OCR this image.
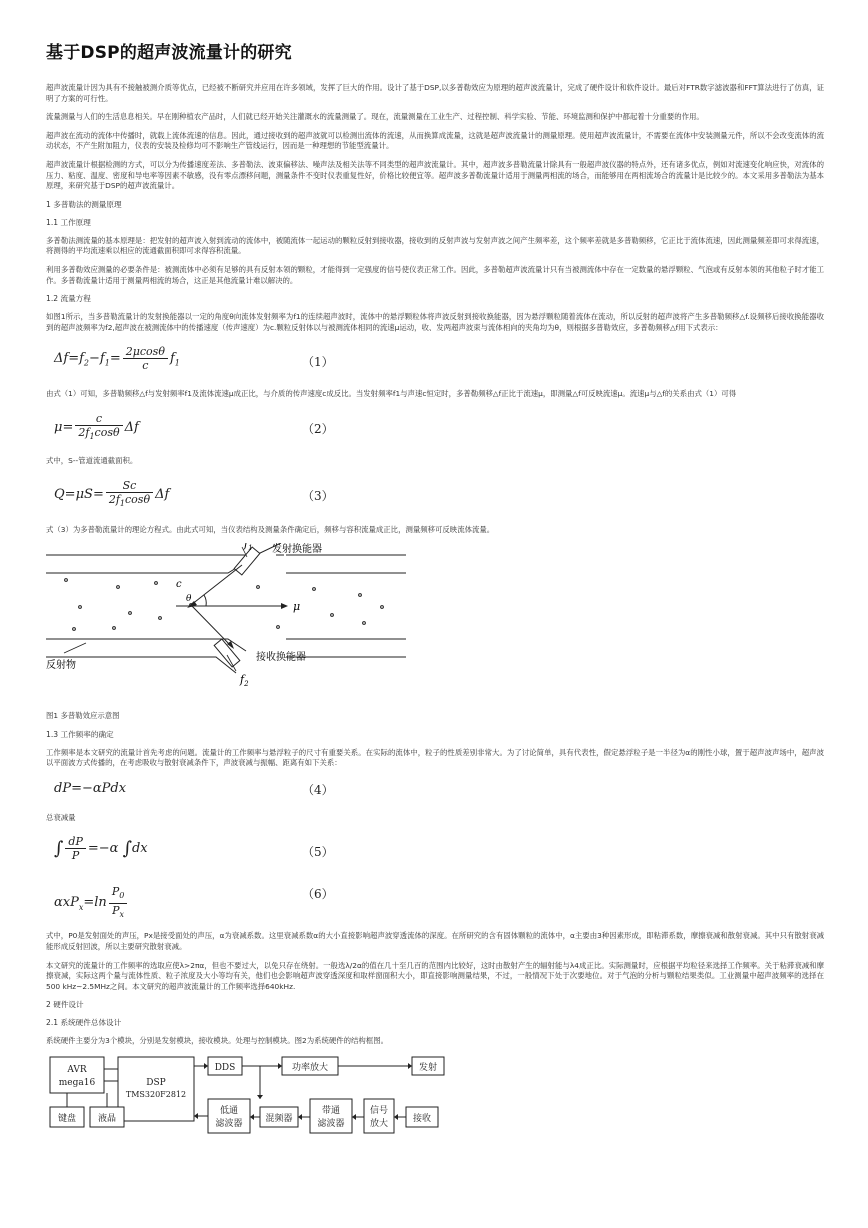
基于DSP的超声波流量计的研究

超声波流量计因为具有不接触被测介质等优点，已经被不断研究并应用在许多领域，发挥了巨大的作用。设计了基于DSP,以多普勒效应为原理的超声波流量计，完成了硬件设计和软件设计。最后对FTR数字滤波器和FFT算法进行了仿真，证明了方案的可行性。

流量测量与人们的生活息息相关。早在刚种植农产品时，人们就已经开始关注灌溉水的流量测量了。现在，流量测量在工业生产、过程控制、科学实验、节能、环境监测和保护中都起着十分重要的作用。

超声波在流动的流体中传播时，就载上流体流速的信息。因此，通过接收到的超声波就可以检测出流体的流速，从而换算成流量，这就是超声波流量计的测量原理。使用超声波流量计，不需要在流体中安装测量元件，所以不会改变流体的流动状态，不产生附加阻力，仪表的安装及检修均可不影响生产管线运行，因而是一种理想的节能型流量计。

超声波流量计根据检测的方式，可以分为传播速度差法、多普勒法、波束偏移法、噪声法及相关法等不同类型的超声波流量计。其中，超声波多普勒流量计除具有一般超声波仪器的特点外，还有诸多优点，例如对流速变化响应快，对流体的压力、粘度、温度、密度和导电率等因素不敏感，没有零点漂移问题，测量条件不变时仪表重复性好，价格比较便宜等。超声波多普勒流量计适用于测量两相流的场合，而能够用在两相流场合的流量计是比较少的。本文采用多普勒法为基本原理，来研究基于DSP的超声波流量计。

1 多普勒法的测量原理
1.1 工作原理

多普勒法测流量的基本原理是：把发射的超声波入射到流动的流体中，被随流体一起运动的颗粒反射到接收器，接收到的反射声波与发射声波之间产生频率差，这个频率差就是多普勒频移，它正比于流体流速，因此测量频差即可求得流速，将测得的平均流速乘以相应的流通截面积即可求得容积流量。

利用多普勒效应测量的必要条件是：被测流体中必须有足够的具有反射本领的颗粒，才能得到一定强度的信号使仪表正常工作。因此，多普勒超声波流量计只有当被测流体中存在一定数量的悬浮颗粒、气泡或有反射本领的其他粒子时才能工作。多普勒流量计适用于测量两相流的场合，这正是其他流量计难以解决的。

1.2 流量方程

如图1所示，当多普勒流量计的发射换能器以一定的角度θ向流体发射频率为f1的连续超声波时，流体中的悬浮颗粒体将声波反射到接收换能器，因为悬浮颗粒随着流体在流动，所以反射的超声波将产生多普勒频移△f.设频移后接收换能器收到的超声波频率为f2,超声波在被测流体中的传播速度（传声速度）为c.颗粒反射体以与被测流体相同的流速μ运动，收、发两超声波束与流体相向的夹角均为θ，则根据多普勒效应，多普勒频移△f用下式表示：

$\Delta f=f_2-f_1= \frac{2\mu\cos\theta}{c} f_1$	（1）

由式（1）可知，多普勒频移△f与发射频率f1及流体流速μ成正比，与介质的传声速度c成反比。当发射频率f1与声速c恒定时，多普勒频移△f正比于流速μ，即测量△f可反映流速μ。流速μ与△f的关系由式（1）可得

$\mu= \frac{c}{2f_1\cos\theta}$ Δf	（2）

式中，S--管道流通截面积。

$Q=\mu S= \frac{Sc}{2f_1\cos\theta}$ Δf	（3）

式（3）为多普勒流量计的理论方程式。由此式可知，当仪表结构及测量条件确定后，频移与容积流量成正比，测量频移可反映流体流量。

$f_1$ 发射换能器
c
θ
μ
反射物
接收换能器
$f_2$

图1 多普勒效应示意图

1.3 工作频率的确定

工作频率是本文研究的流量计首先考虑的问题。流量计的工作频率与悬浮粒子的尺寸有重要关系。在实际的流体中，粒子的性质差别非常大。为了讨论简单，具有代表性，假定悬浮粒子是一半径为α的刚性小球，置于超声波声场中，超声波以平面波方式传播的，在考虑吸收与散射衰减条件下，声波衰减与振幅、距离有如下关系：

dP=−αPdx	（4）

总衰减量

∫ $\frac{dP}{P} =-\alpha$ ∫dx	（5）
$\alpha xP_x=\ln \frac{P_0}{P_x}$	（6）

式中，P0是发射面处的声压，Px是接受面处的声压，α为衰减系数。这里衰减系数α的大小直接影响超声波穿透流体的深度。在所研究的含有固体颗粒的流体中，α主要由3种因素形成，即粘滞系数，摩擦衰减和散射衰减。其中只有散射衰减能形成反射回波，所以主要研究散射衰减。

本文研究的流量计的工作频率的选取应使λ>2πα，但也不要过大，以免只存在绕射。一般选λ/2α的值在几十至几百的范围内比较好，这时由散射产生的辐射能与λ4成正比。实际测量时，应根据平均粒径来选择工作频率。关于粘滞衰减和摩擦衰减，实际这两个量与流体性质、粒子浓度及大小等均有关，他们也会影响超声波穿透深度和取样窗面积大小，即直接影响测量结果，不过，一般情况下处于次要地位。对于气泡的分析与颗粒结果类似。工业测量中超声波频率的选择在500 kHz~2.5MHz之间。本文研究的超声波流量计的工作频率选择640kHz.

2 硬件设计
2.1 系统硬件总体设计

系统硬件主要分为3个模块，分别是发射模块，接收模块。处理与控制模块。图2为系统硬件的结构框图。

AVR
mega16	DSP
TMS320F2812
DDS	功率放大	发射
键盘 液晶
低通
滤波器	混频器
带通
滤波器
信号
放大	接收
